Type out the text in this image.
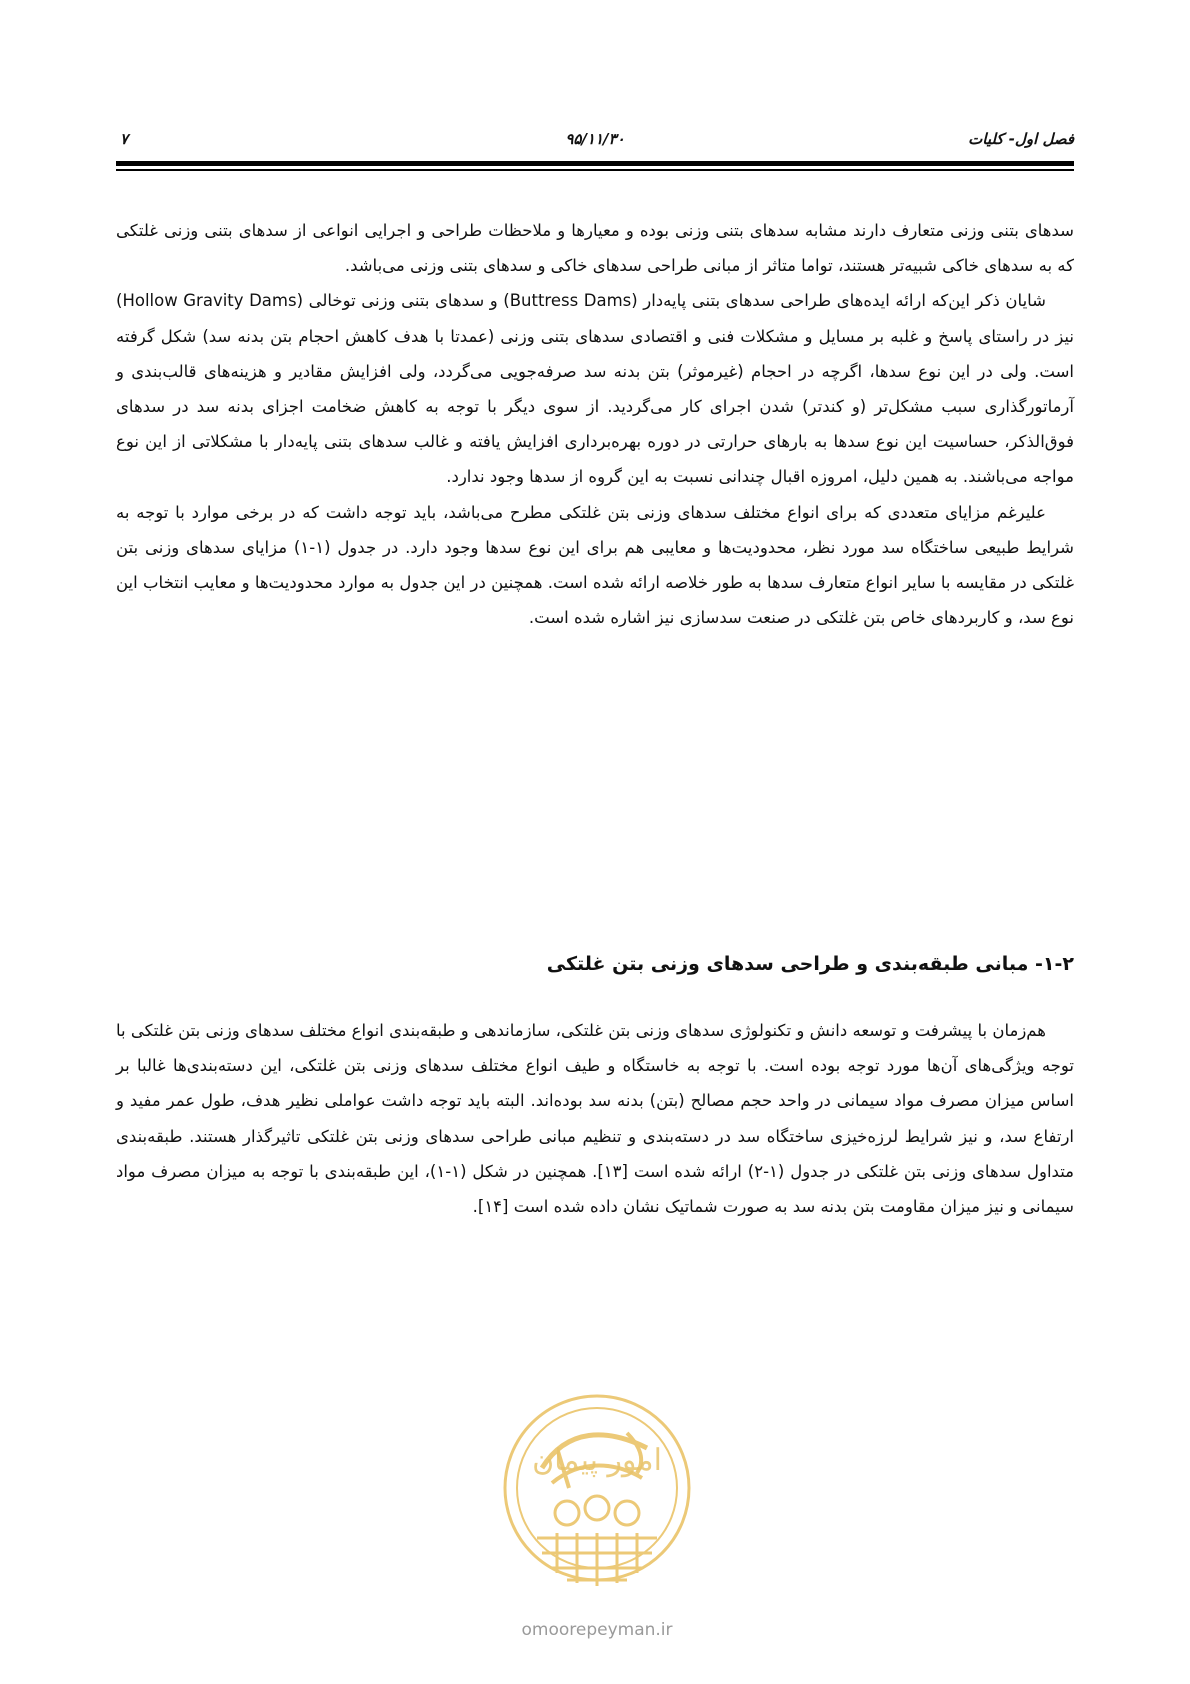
فصل اول- کلیات
۹۵/۱۱/۳۰
۷

سدهای بتنی وزنی متعارف دارند مشابه سدهای بتنی وزنی بوده و معیارها و ملاحظات طراحی و اجرایی انواعی از سدهای بتنی وزنی غلتکی که به سدهای خاکی شبیه‌تر هستند، تواما متاثر از مبانی طراحی سدهای خاکی و سدهای بتنی وزنی می‌باشد.

شایان ذکر این‌که ارائه ایده‌های طراحی سدهای بتنی پایه‌دار (Buttress Dams) و سدهای بتنی وزنی توخالی (Hollow Gravity Dams) نیز در راستای پاسخ و غلبه بر مسایل و مشکلات فنی و اقتصادی سدهای بتنی وزنی (عمدتا با هدف کاهش احجام بتن بدنه سد) شکل گرفته است. ولی در این نوع سدها، اگرچه در احجام (غیرموثر) بتن بدنه سد صرفه‌جویی می‌گردد، ولی افزایش مقادیر و هزینه‌های قالب‌بندی و آرماتورگذاری سبب مشکل‌تر (و کندتر) شدن اجرای کار می‌گردید. از سوی دیگر با توجه به کاهش ضخامت اجزای بدنه سد در سدهای فوق‌الذکر، حساسیت این نوع سدها به بارهای حرارتی در دوره بهره‌برداری افزایش یافته و غالب سدهای بتنی پایه‌دار با مشکلاتی از این نوع مواجه می‌باشند. به همین دلیل، امروزه اقبال چندانی نسبت به این گروه از سدها وجود ندارد.

علیرغم مزایای متعددی که برای انواع مختلف سدهای وزنی بتن غلتکی مطرح می‌باشد، باید توجه داشت که در برخی موارد با توجه به شرایط طبیعی ساختگاه سد مورد نظر، محدودیت‌ها و معایبی هم برای این نوع سدها وجود دارد. در جدول (۱-۱) مزایای سدهای وزنی بتن غلتکی در مقایسه با سایر انواع متعارف سدها به طور خلاصه ارائه شده است. همچنین در این جدول به موارد محدودیت‌ها و معایب انتخاب این نوع سد، و کاربردهای خاص بتن غلتکی در صنعت سدسازی نیز اشاره شده است.

۱-۲- مبانی طبقه‌بندی و طراحی سدهای وزنی بتن غلتکی

هم‌زمان با پیشرفت و توسعه دانش و تکنولوژی سدهای وزنی بتن غلتکی، سازماندهی و طبقه‌بندی انواع مختلف سدهای وزنی بتن غلتکی با توجه ویژگی‌های آن‌ها مورد توجه بوده است. با توجه به خاستگاه و طیف انواع مختلف سدهای وزنی بتن غلتکی، این دسته‌بندی‌ها غالبا بر اساس میزان مصرف مواد سیمانی در واحد حجم مصالح (بتن) بدنه سد بوده‌اند. البته باید توجه داشت عواملی نظیر هدف، طول عمر مفید و ارتفاع سد، و نیز شرایط لرزه‌خیزی ساختگاه سد در دسته‌بندی و تنظیم مبانی طراحی سدهای وزنی بتن غلتکی تاثیرگذار هستند. طبقه‌بندی متداول سدهای وزنی بتن غلتکی در جدول (۱-۲) ارائه شده است [۱۳]. همچنین در شکل (۱-۱)، این طبقه‌بندی با توجه به میزان مصرف مواد سیمانی و نیز میزان مقاومت بتن بدنه سد به صورت شماتیک نشان داده شده است [۱۴].

امور پیمان
omoorepeyman.ir
